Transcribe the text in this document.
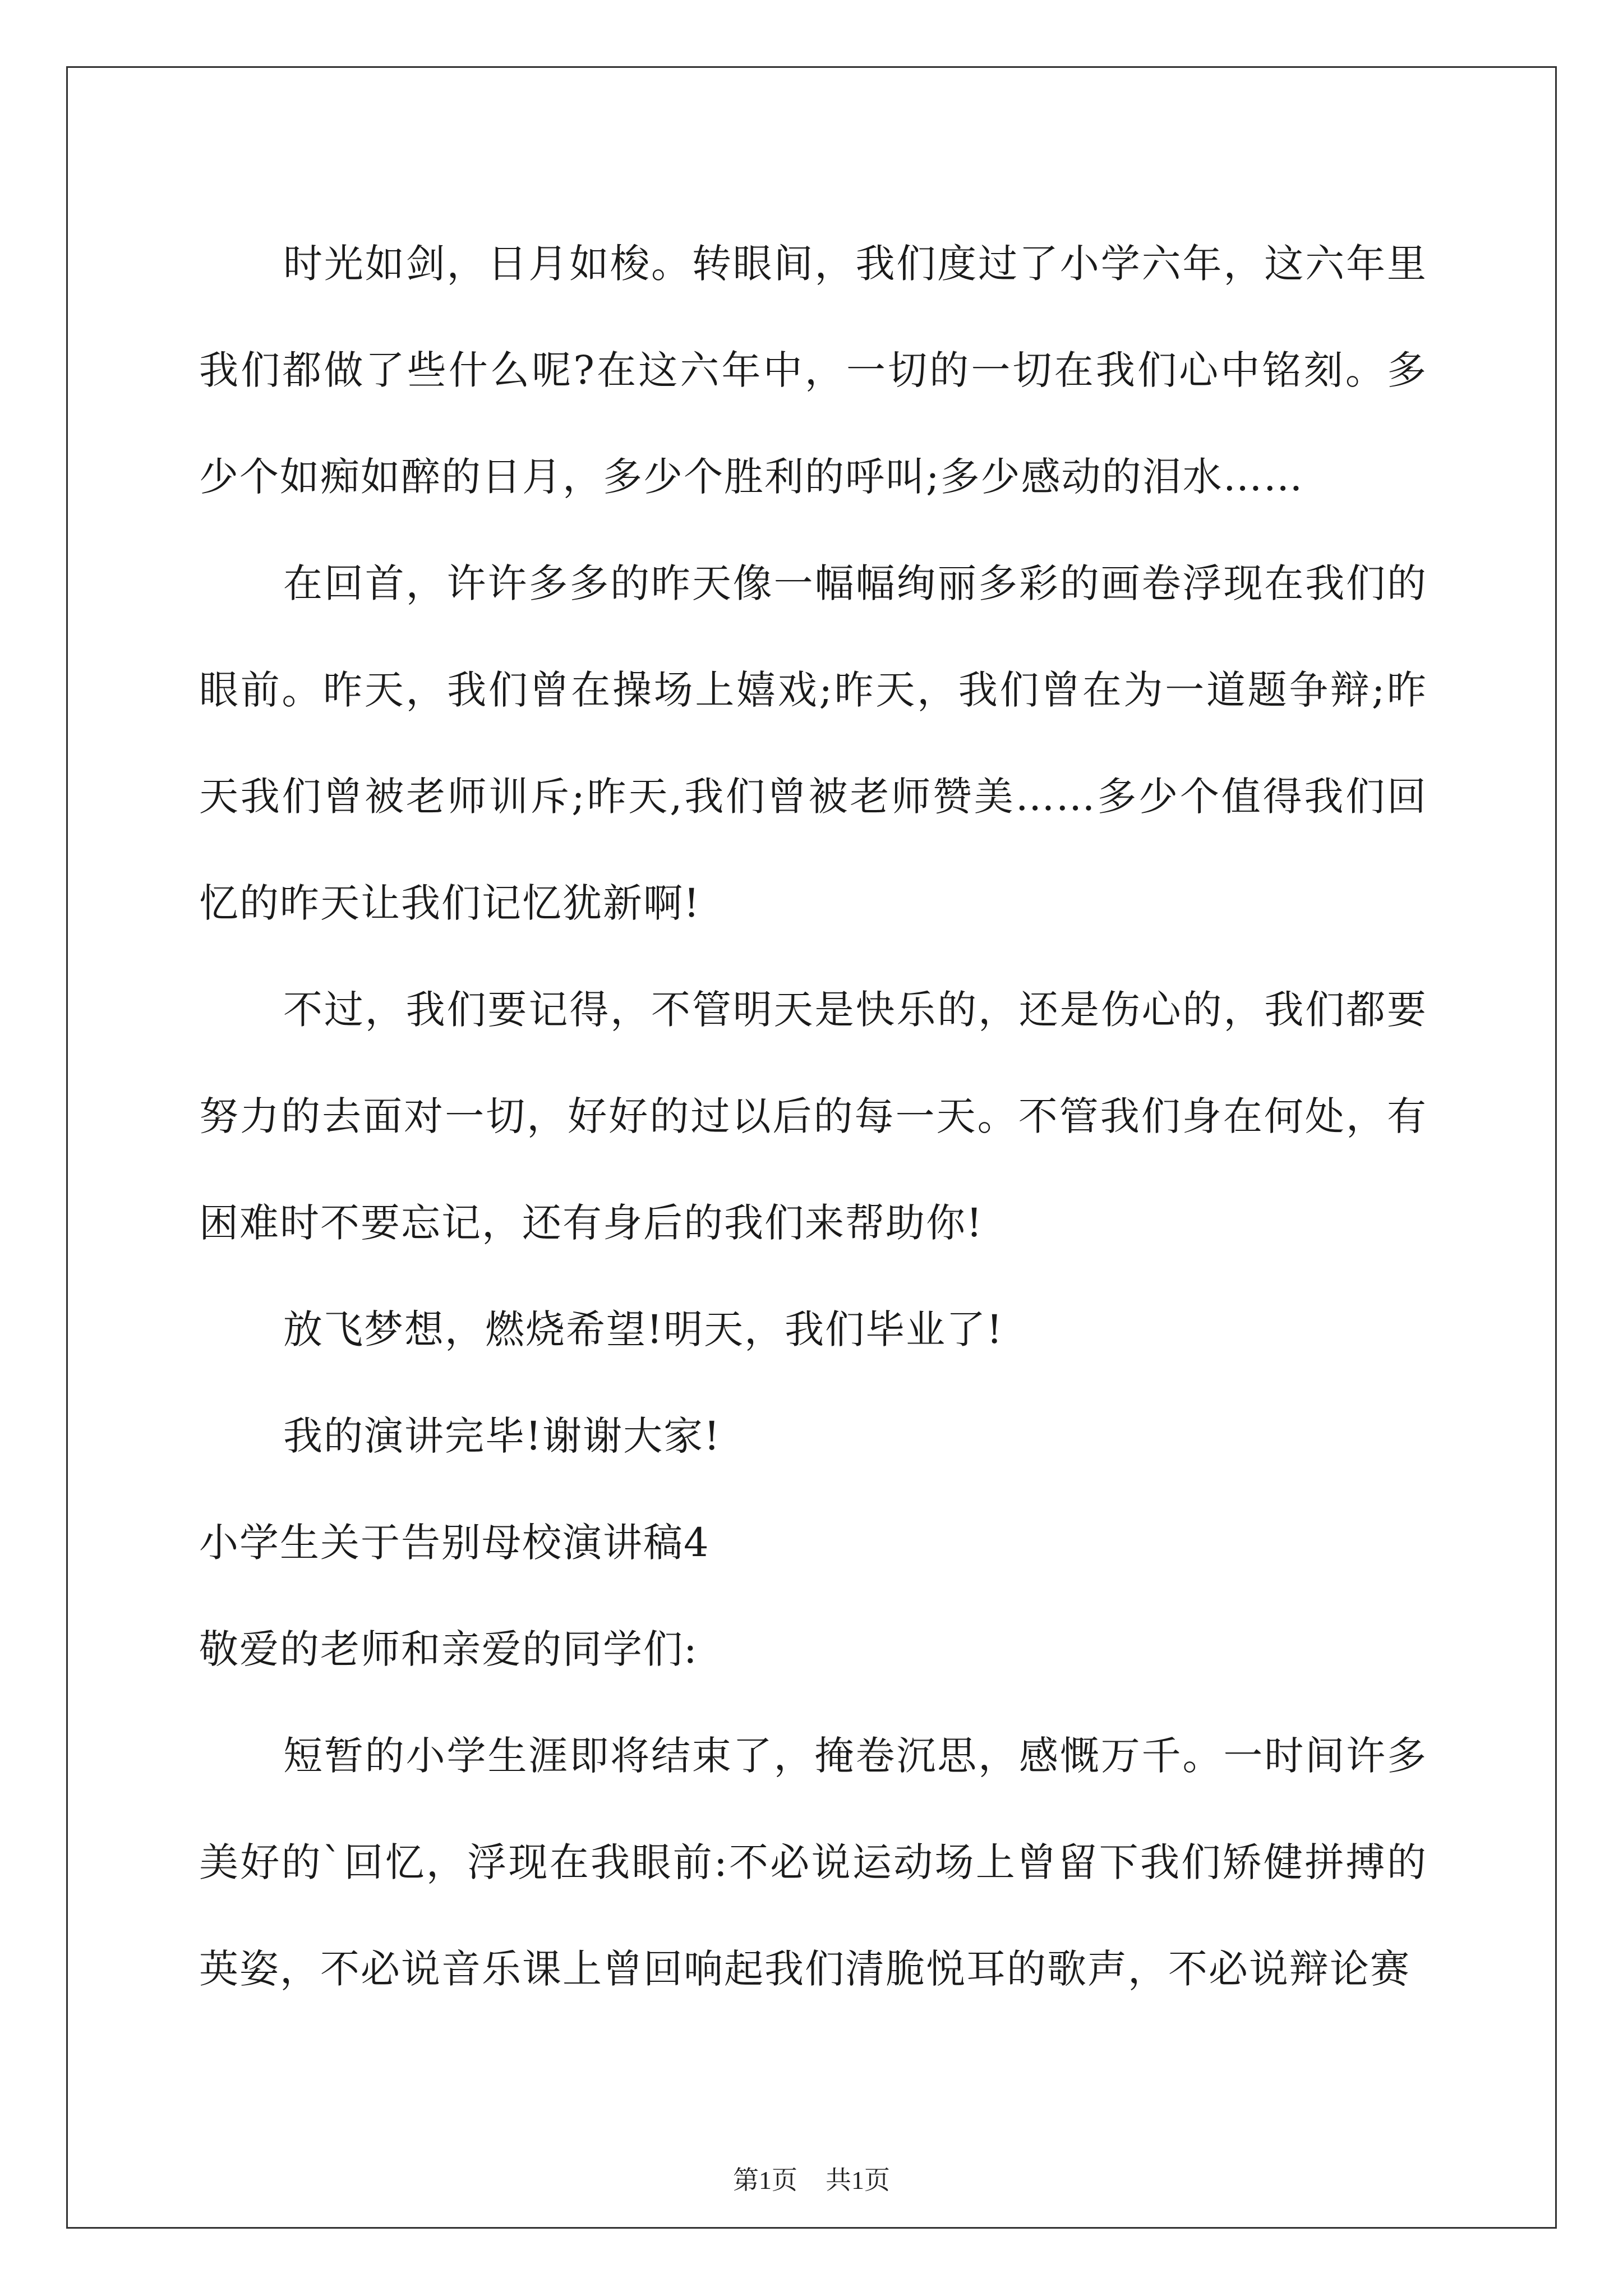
时光如剑，日月如梭。转眼间，我们度过了小学六年，这六年里我们都做了些什么呢?在这六年中，一切的一切在我们心中铭刻。多少个如痴如醉的日月，多少个胜利的呼叫;多少感动的泪水……

在回首，许许多多的昨天像一幅幅绚丽多彩的画卷浮现在我们的眼前。昨天，我们曾在操场上嬉戏;昨天，我们曾在为一道题争辩;昨天我们曾被老师训斥;昨天,我们曾被老师赞美……多少个值得我们回忆的昨天让我们记忆犹新啊!

不过，我们要记得，不管明天是快乐的，还是伤心的，我们都要努力的去面对一切，好好的过以后的每一天。不管我们身在何处，有困难时不要忘记，还有身后的我们来帮助你!

放飞梦想，燃烧希望!明天，我们毕业了!

我的演讲完毕!谢谢大家!

小学生关于告别母校演讲稿4

敬爱的老师和亲爱的同学们:

短暂的小学生涯即将结束了，掩卷沉思，感慨万千。一时间许多美好的`回忆，浮现在我眼前:不必说运动场上曾留下我们矫健拼搏的英姿，不必说音乐课上曾回响起我们清脆悦耳的歌声，不必说辩论赛

第1页 共1页
